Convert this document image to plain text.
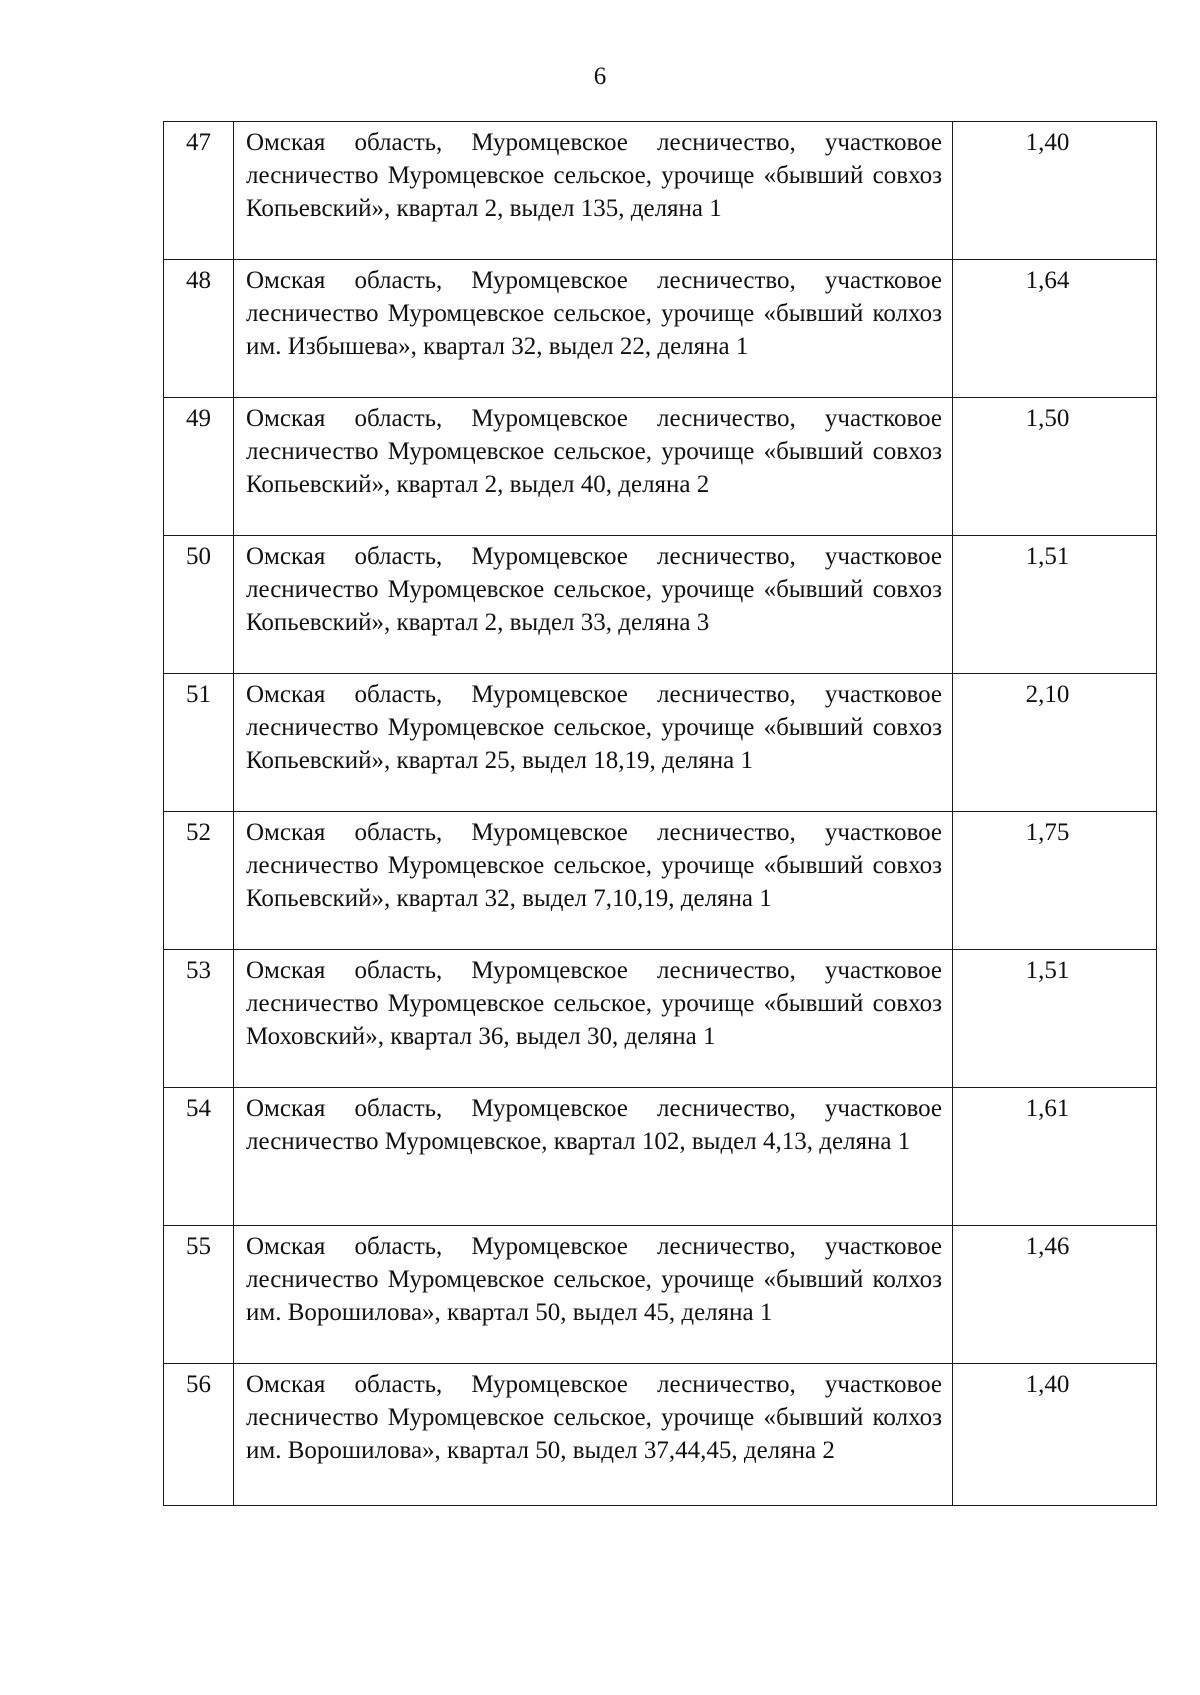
6
47	Омская область, Муромцевское лесничество, участковое лесничество Муромцевское сельское, урочище «бывший совхоз Копьевский», квартал 2, выдел 135, деляна 1	1,40
48	Омская область, Муромцевское лесничество, участковое лесничество Муромцевское сельское, урочище «бывший колхоз им. Избышева», квартал 32, выдел 22, деляна 1	1,64
49	Омская область, Муромцевское лесничество, участковое лесничество Муромцевское сельское, урочище «бывший совхоз Копьевский», квартал 2, выдел 40, деляна 2	1,50
50	Омская область, Муромцевское лесничество, участковое лесничество Муромцевское сельское, урочище «бывший совхоз Копьевский», квартал 2, выдел 33, деляна 3	1,51
51	Омская область, Муромцевское лесничество, участковое лесничество Муромцевское сельское, урочище «бывший совхоз Копьевский», квартал 25, выдел 18,19, деляна 1	2,10
52	Омская область, Муромцевское лесничество, участковое лесничество Муромцевское сельское, урочище «бывший совхоз Копьевский», квартал 32, выдел 7,10,19, деляна 1	1,75
53	Омская область, Муромцевское лесничество, участковое лесничество Муромцевское сельское, урочище «бывший совхоз Моховский», квартал 36, выдел 30, деляна 1	1,51
54	Омская область, Муромцевское лесничество, участковое лесничество Муромцевское, квартал 102, выдел 4,13, деляна 1	1,61
55	Омская область, Муромцевское лесничество, участковое лесничество Муромцевское сельское, урочище «бывший колхоз им. Ворошилова», квартал 50, выдел 45, деляна 1	1,46
56	Омская область, Муромцевское лесничество, участковое лесничество Муромцевское сельское, урочище «бывший колхоз им. Ворошилова», квартал 50, выдел 37,44,45, деляна 2	1,40
